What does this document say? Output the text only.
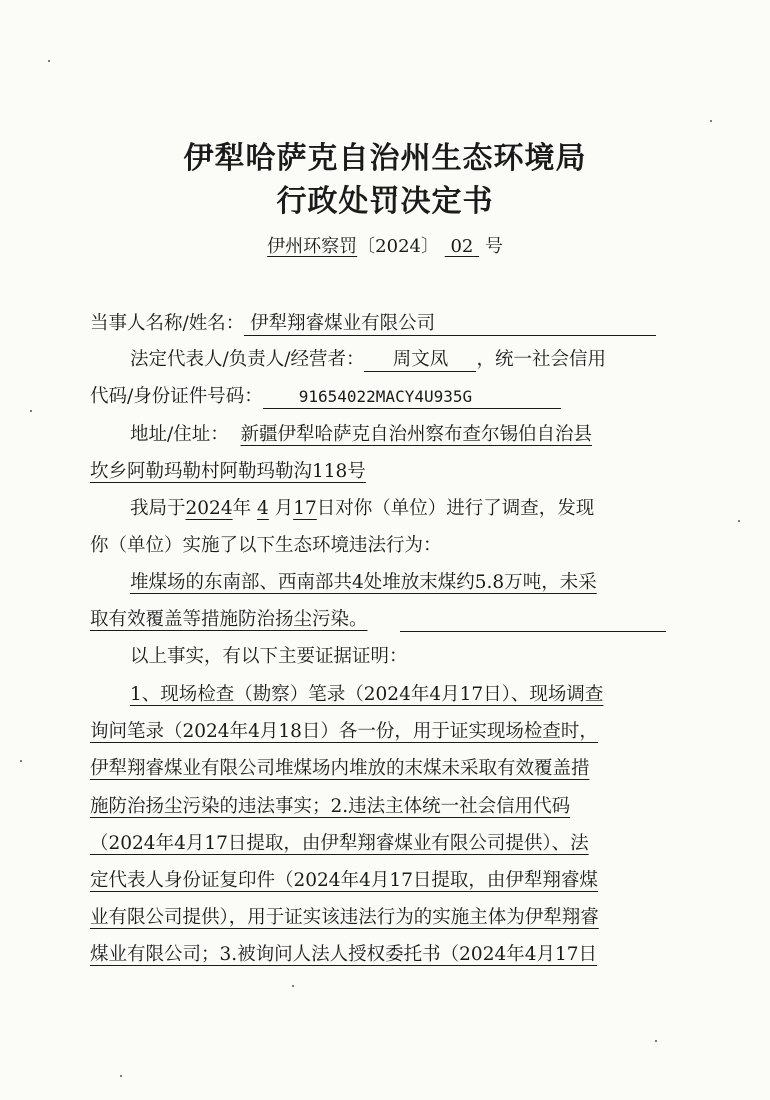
伊犁哈萨克自治州生态环境局
行政处罚决定书
伊州环察罚〔2024〕 02 号
当事人名称/姓名： 伊犁翔睿煤业有限公司
法定代表人/负责人/经营者： 周文凤 ，统一社会信用
代码/身份证件号码： 91654022MACY4U935G
地址/住址： 新疆伊犁哈萨克自治州察布查尔锡伯自治县
坎乡阿勒玛勒村阿勒玛勒沟118号
我局于2024年 4 月17日对你（单位）进行了调查，发现
你（单位）实施了以下生态环境违法行为：
堆煤场的东南部、西南部共4处堆放末煤约5.8万吨，未采
取有效覆盖等措施防治扬尘污染。
以上事实，有以下主要证据证明：
1、现场检查（勘察）笔录（2024年4月17日）、现场调查
询问笔录（2024年4月18日）各一份，用于证实现场检查时，
伊犁翔睿煤业有限公司堆煤场内堆放的末煤未采取有效覆盖措
施防治扬尘污染的违法事实；2.违法主体统一社会信用代码
（2024年4月17日提取，由伊犁翔睿煤业有限公司提供）、法
定代表人身份证复印件（2024年4月17日提取，由伊犁翔睿煤
业有限公司提供），用于证实该违法行为的实施主体为伊犁翔睿
煤业有限公司；3.被询问人法人授权委托书（2024年4月17日
